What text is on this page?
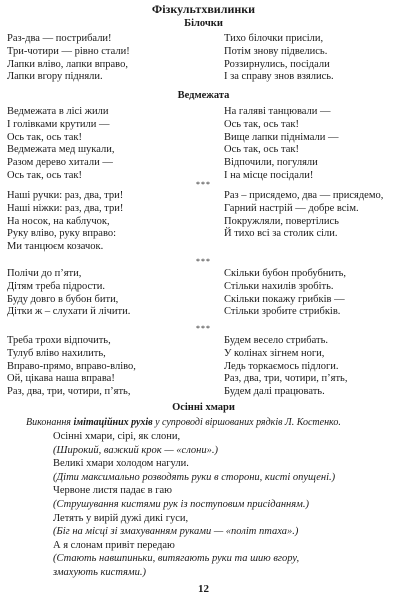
Фізкультхвилинки
Білочки
Раз-два — пострибали!
Три-чотири — рівно стали!
Лапки вліво, лапки вправо,
Лапки вгору підняли.
Тихо білочки присіли,
Потім знову підвелись.
Роззирнулись, посідали
І за справу знов взялись.
Ведмежата
Ведмежата в лісі жили
І голівками крутили —
Ось так, ось так!
Ведмежата мед шукали,
Разом дерево хитали —
Ось так, ось так!
На галяві танцювали —
Ось так, ось так!
Вище лапки піднімали —
Ось так, ось так!
Відпочили, погуляли
І на місце посідали!
***
Наші ручки: раз, два, три!
Наші ніжки: раз, два, три!
На носок, на каблучок,
Руку вліво, руку вправо:
Ми танцюєм козачок.
Раз – присядемо, два — присядемо,
Гарний настрій — добре всім.
Покружляли, повертілись
Й тихо всі за столик сіли.
***
Полічи до п’яти,
Дітям треба підрости.
Буду довго в бубон бити,
Дітки ж – слухати й лічити.
Скільки бубон пробубнить,
Стільки нахилів зробіть.
Скільки покажу грибків —
Стільки зробите стрибків.
***
Треба трохи відпочить,
Тулуб вліво нахилить,
Вправо-прямо, вправо-вліво,
Ой, цікава наша вправа!
Раз, два, три, чотири, п’ять,
Будем весело стрибать.
У колінах зігнем ноги,
Ледь торкаємось підлоги.
Раз, два, три, чотири, п’ять,
Будем далі працювать.
Осінні хмари
Виконання імітаційних рухів у супроводі віршованих рядків Л. Костенко.
Осінні хмари, сірі, як слони,
(Широкий, важкий крок — «слони».)
Великі хмари холодом нагули.
(Діти максимально розводять руки в сторони, кисті опущені.)
Червоне листя падає в гаю
(Струшування кистями рук із поступовим присіданням.)
Летять у вирій дужі дикі гуси,
(Біг на місці зі змахуванням руками — «політ птаха».)
А я слонам привіт передаю
(Стають навшпиньки, витягають руки та шию вгору,
змахують кистями.)
12
